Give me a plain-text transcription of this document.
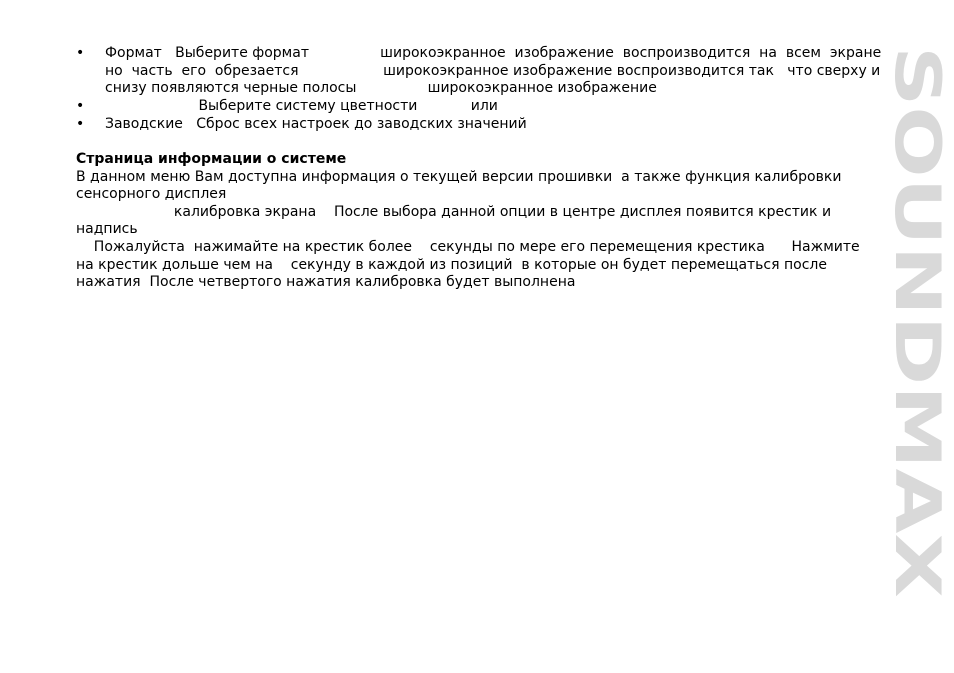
• Формат   Выберите формат                широкоэкранное  изображение  воспроизводится  на  всем  экране
но  часть  его  обрезается                   широкоэкранное изображение воспроизводится так   что сверху и
снизу появляются черные полосы                широкоэкранное изображение
• Выберите систему цветности            или
• Заводские   Сброс всех настроек до заводских значений
Страница информации о системе
В данном меню Вам доступна информация о текущей версии прошивки  а также функция калибровки
сенсорного дисплея
калибровка экрана    После выбора данной опции в центре дисплея появится крестик и
надпись
Пожалуйста  нажимайте на крестик более    секунды по мере его перемещения крестика      Нажмите
на крестик дольше чем на    секунду в каждой из позиций  в которые он будет перемещаться после
нажатия  После четвертого нажатия калибровка будет выполнена	SOUNDMAX
